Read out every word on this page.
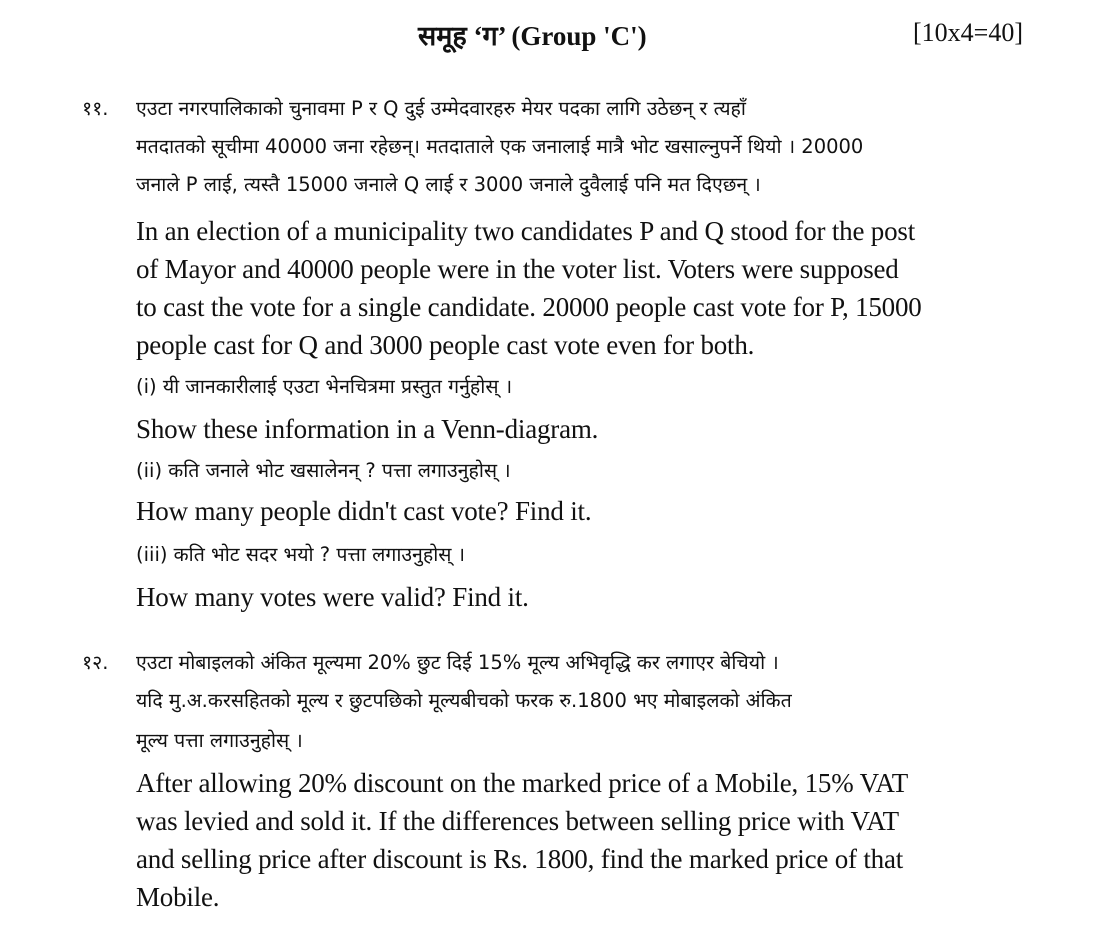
समूह ‘ग’ (Group 'C')	[10x4=40]
११. एउटा नगरपालिकाको चुनावमा P र Q दुई उम्मेदवारहरु मेयर पदका लागि उठेछन् र त्यहाँ
मतदातको सूचीमा 40000 जना रहेछन्। मतदाताले एक जनालाई मात्रै भोट खसाल्नुपर्ने थियो । 20000
जनाले P लाई, त्यस्तै 15000 जनाले Q लाई र 3000 जनाले दुवैलाई पनि मत दिएछन् ।
In an election of a municipality two candidates P and Q stood for the post
of Mayor and 40000 people were in the voter list. Voters were supposed
to cast the vote for a single candidate. 20000 people cast vote for P, 15000
people cast for Q and 3000 people cast vote even for both.
(i) यी जानकारीलाई एउटा भेनचित्रमा प्रस्तुत गर्नुहोस् ।
Show these information in a Venn-diagram.
(ii) कति जनाले भोट खसालेनन् ? पत्ता लगाउनुहोस् ।
How many people didn't cast vote? Find it.
(iii) कति भोट सदर भयो ? पत्ता लगाउनुहोस् ।
How many votes were valid? Find it.
१२. एउटा मोबाइलको अंकित मूल्यमा 20% छुट दिई 15% मूल्य अभिवृद्धि कर लगाएर बेचियो ।
यदि मु.अ.करसहितको मूल्य र छुटपछिको मूल्यबीचको फरक रु.1800 भए मोबाइलको अंकित
मूल्य पत्ता लगाउनुहोस् ।
After allowing 20% discount on the marked price of a Mobile, 15% VAT
was levied and sold it. If the differences between selling price with VAT
and selling price after discount is Rs. 1800, find the marked price of that
Mobile.
